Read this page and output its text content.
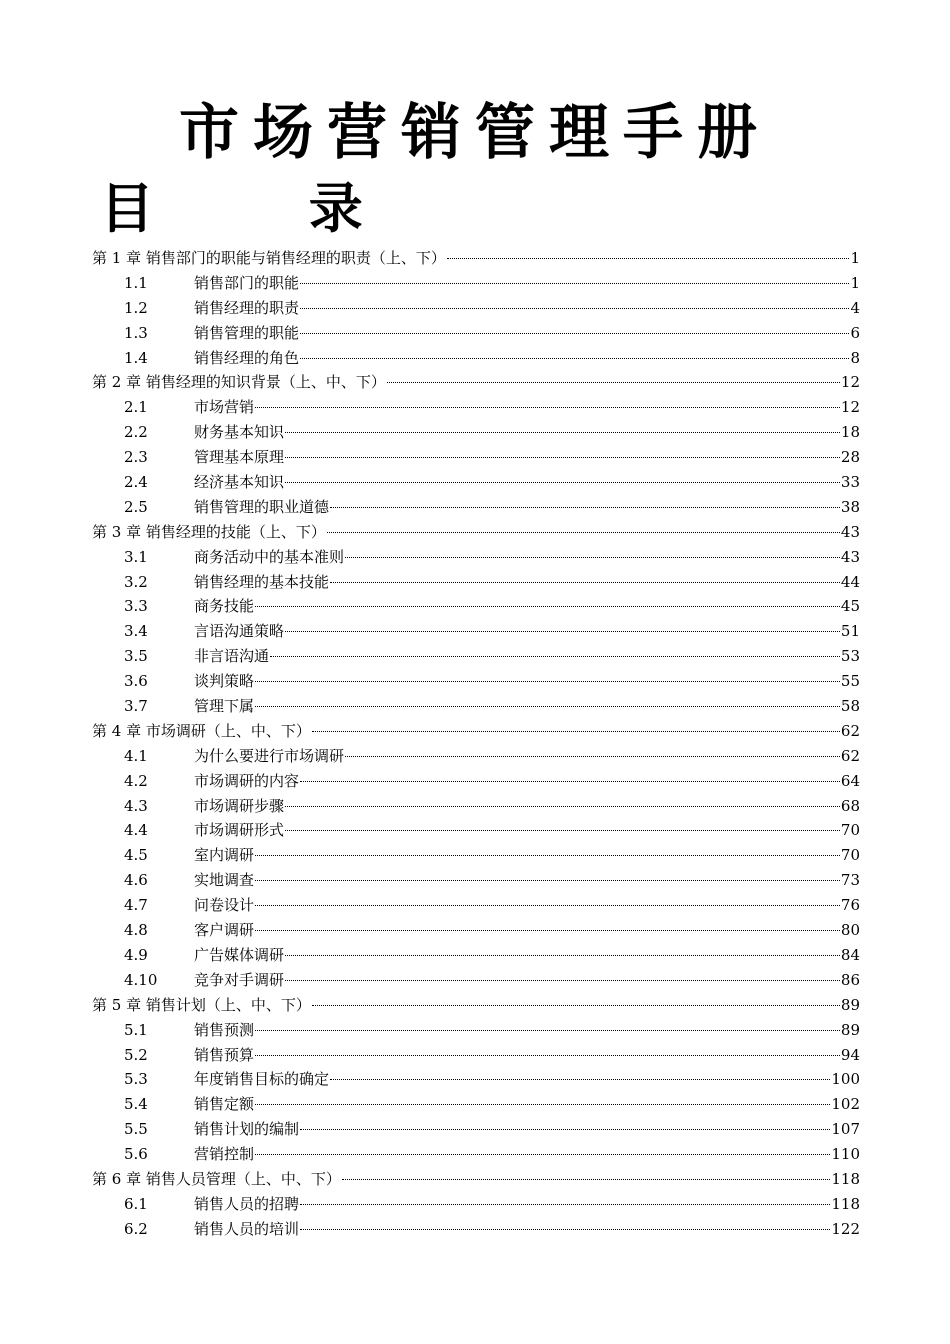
市场营销管理手册
目 录
第 1 章 销售部门的职能与销售经理的职责（上、下）	1
1.1	销售部门的职能	1
1.2	销售经理的职责	4
1.3	销售管理的职能	6
1.4	销售经理的角色	8
第 2 章 销售经理的知识背景（上、中、下）	12
2.1	市场营销	12
2.2	财务基本知识	18
2.3	管理基本原理	28
2.4	经济基本知识	33
2.5	销售管理的职业道德	38
第 3 章 销售经理的技能（上、下）	43
3.1	商务活动中的基本准则	43
3.2	销售经理的基本技能	44
3.3	商务技能	45
3.4	言语沟通策略	51
3.5	非言语沟通	53
3.6	谈判策略	55
3.7	管理下属	58
第 4 章 市场调研（上、中、下）	62
4.1	为什么要进行市场调研	62
4.2	市场调研的内容	64
4.3	市场调研步骤	68
4.4	市场调研形式	70
4.5	室内调研	70
4.6	实地调查	73
4.7	问卷设计	76
4.8	客户调研	80
4.9	广告媒体调研	84
4.10	竞争对手调研	86
第 5 章 销售计划（上、中、下）	89
5.1	销售预测	89
5.2	销售预算	94
5.3	年度销售目标的确定	100
5.4	销售定额	102
5.5	销售计划的编制	107
5.6	营销控制	110
第 6 章 销售人员管理（上、中、下）	118
6.1	销售人员的招聘	118
6.2	销售人员的培训	122
